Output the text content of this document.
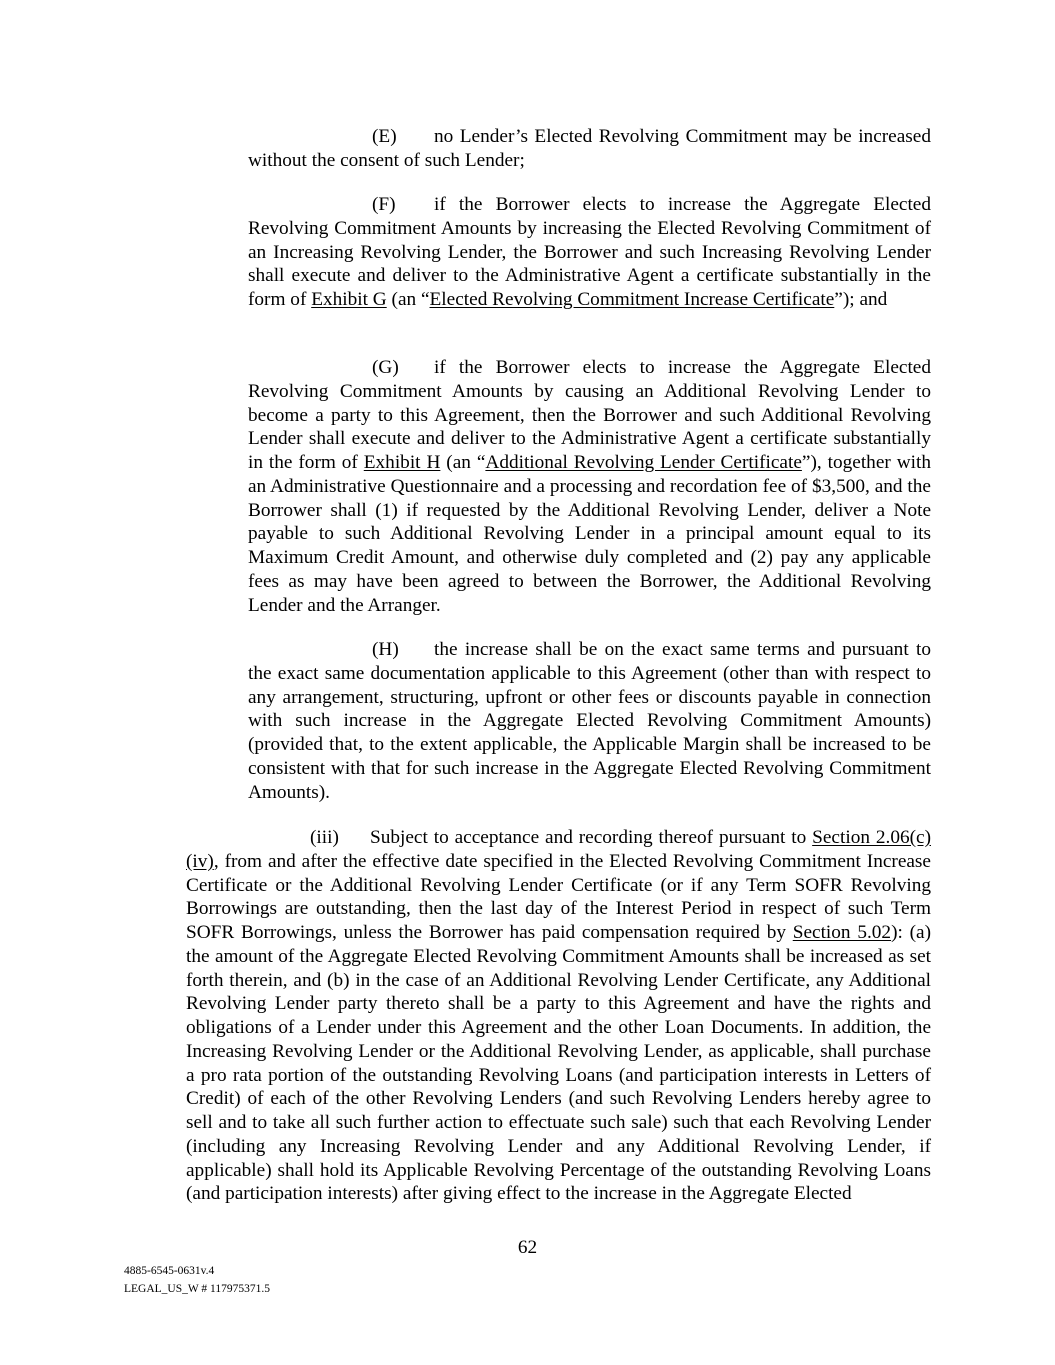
(E) no Lender’s Elected Revolving Commitment may be increased without the consent of such Lender;

(F) if the Borrower elects to increase the Aggregate Elected Revolving Commitment Amounts by increasing the Elected Revolving Commitment of an Increasing Revolving Lender, the Borrower and such Increasing Revolving Lender shall execute and deliver to the Administrative Agent a certificate substantially in the form of Exhibit G (an “Elected Revolving Commitment Increase Certificate”); and

(G) if the Borrower elects to increase the Aggregate Elected Revolving Commitment Amounts by causing an Additional Revolving Lender to become a party to this Agreement, then the Borrower and such Additional Revolving Lender shall execute and deliver to the Administrative Agent a certificate substantially in the form of Exhibit H (an “Additional Revolving Lender Certificate”), together with an Administrative Questionnaire and a processing and recordation fee of $3,500, and the Borrower shall (1) if requested by the Additional Revolving Lender, deliver a Note payable to such Additional Revolving Lender in a principal amount equal to its Maximum Credit Amount, and otherwise duly completed and (2) pay any applicable fees as may have been agreed to between the Borrower, the Additional Revolving Lender and the Arranger.

(H) the increase shall be on the exact same terms and pursuant to the exact same documentation applicable to this Agreement (other than with respect to any arrangement, structuring, upfront or other fees or discounts payable in connection with such increase in the Aggregate Elected Revolving Commitment Amounts) (provided that, to the extent applicable, the Applicable Margin shall be increased to be consistent with that for such increase in the Aggregate Elected Revolving Commitment Amounts).

(iii) Subject to acceptance and recording thereof pursuant to Section 2.06(c)(iv), from and after the effective date specified in the Elected Revolving Commitment Increase Certificate or the Additional Revolving Lender Certificate (or if any Term SOFR Revolving Borrowings are outstanding, then the last day of the Interest Period in respect of such Term SOFR Borrowings, unless the Borrower has paid compensation required by Section 5.02): (a) the amount of the Aggregate Elected Revolving Commitment Amounts shall be increased as set forth therein, and (b) in the case of an Additional Revolving Lender Certificate, any Additional Revolving Lender party thereto shall be a party to this Agreement and have the rights and obligations of a Lender under this Agreement and the other Loan Documents. In addition, the Increasing Revolving Lender or the Additional Revolving Lender, as applicable, shall purchase a pro rata portion of the outstanding Revolving Loans (and participation interests in Letters of Credit) of each of the other Revolving Lenders (and such Revolving Lenders hereby agree to sell and to take all such further action to effectuate such sale) such that each Revolving Lender (including any Increasing Revolving Lender and any Additional Revolving Lender, if applicable) shall hold its Applicable Revolving Percentage of the outstanding Revolving Loans (and participation interests) after giving effect to the increase in the Aggregate Elected

62
4885-6545-0631v.4
LEGAL_US_W # 117975371.5
